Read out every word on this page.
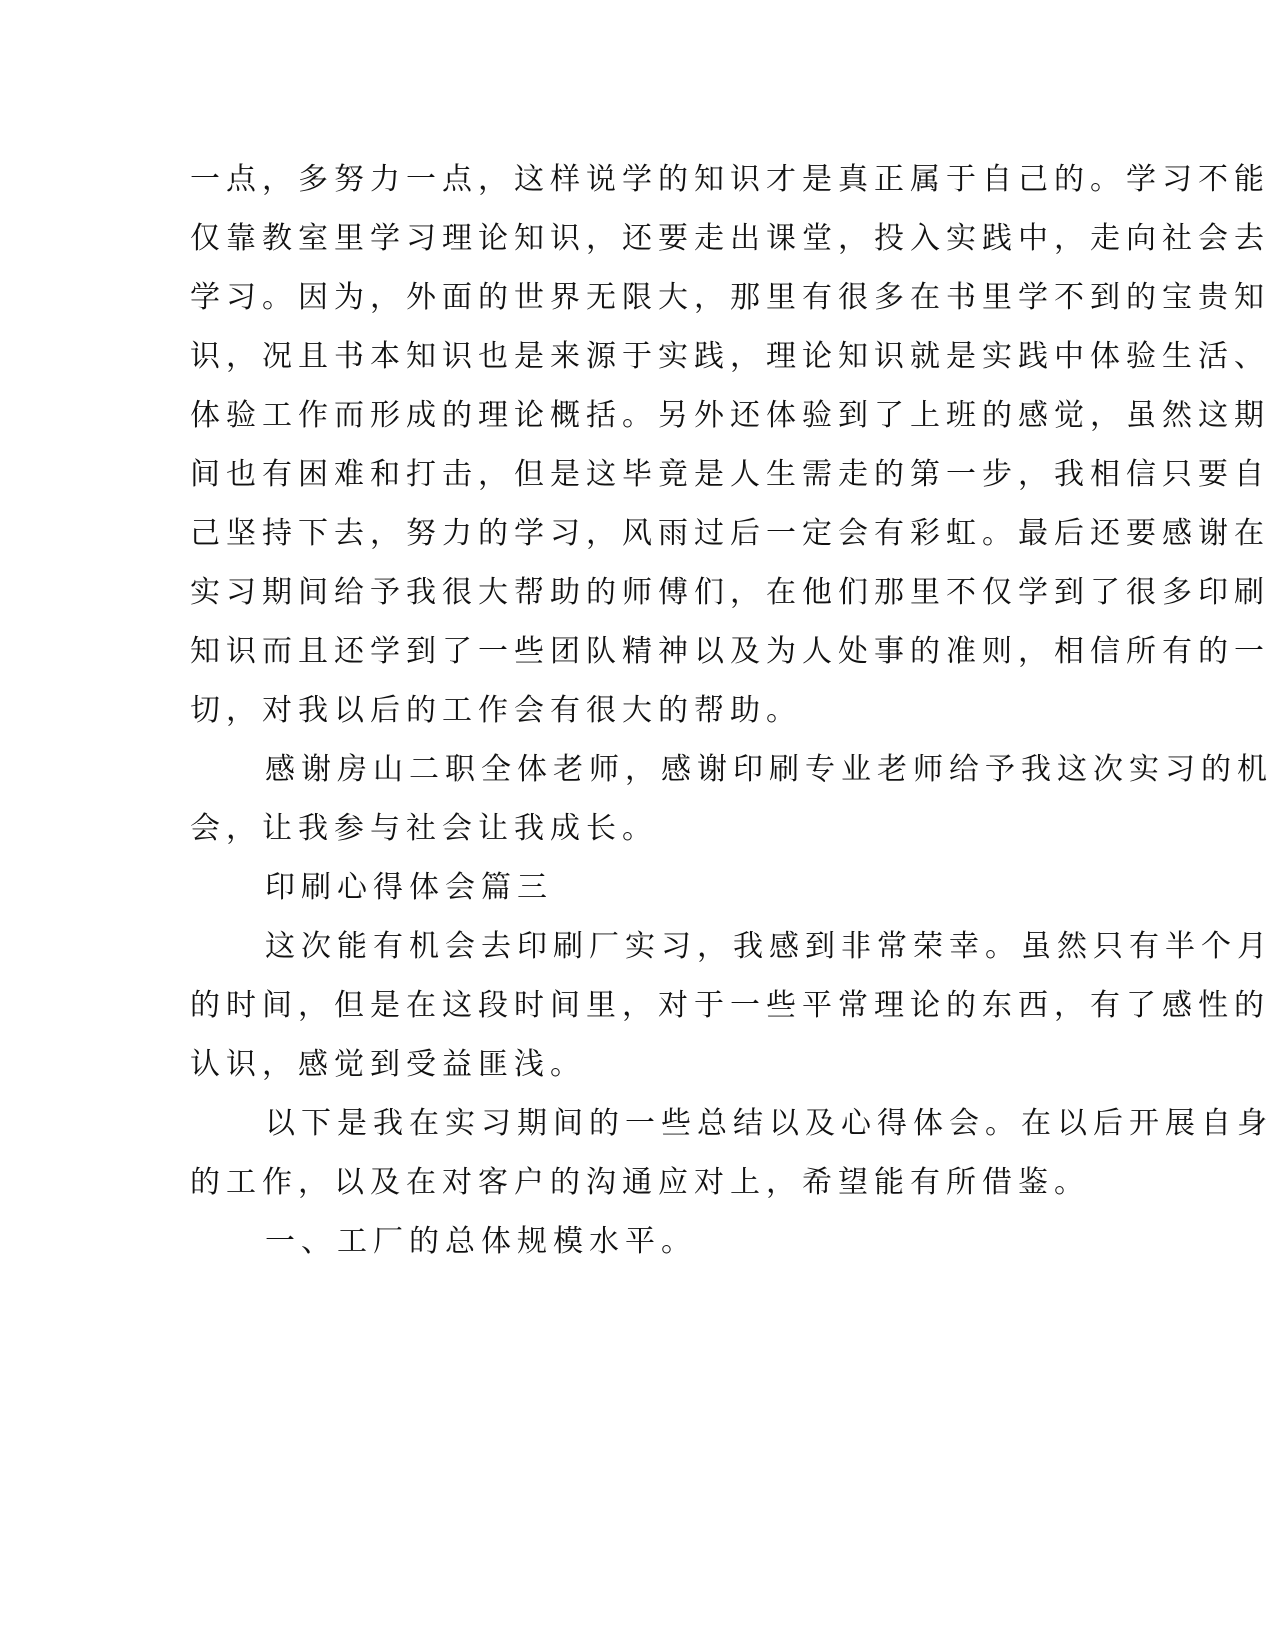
一点，多努力一点，这样说学的知识才是真正属于自己的。学习不能
仅靠教室里学习理论知识，还要走出课堂，投入实践中，走向社会去
学习。因为，外面的世界无限大，那里有很多在书里学不到的宝贵知
识，况且书本知识也是来源于实践，理论知识就是实践中体验生活、
体验工作而形成的理论概括。另外还体验到了上班的感觉，虽然这期
间也有困难和打击，但是这毕竟是人生需走的第一步，我相信只要自
己坚持下去，努力的学习，风雨过后一定会有彩虹。最后还要感谢在
实习期间给予我很大帮助的师傅们，在他们那里不仅学到了很多印刷
知识而且还学到了一些团队精神以及为人处事的准则，相信所有的一
切，对我以后的工作会有很大的帮助。
感谢房山二职全体老师，感谢印刷专业老师给予我这次实习的机
会，让我参与社会让我成长。
印刷心得体会篇三
这次能有机会去印刷厂实习，我感到非常荣幸。虽然只有半个月
的时间，但是在这段时间里，对于一些平常理论的东西，有了感性的
认识，感觉到受益匪浅。
以下是我在实习期间的一些总结以及心得体会。在以后开展自身
的工作，以及在对客户的沟通应对上，希望能有所借鉴。
一、工厂的总体规模水平。
